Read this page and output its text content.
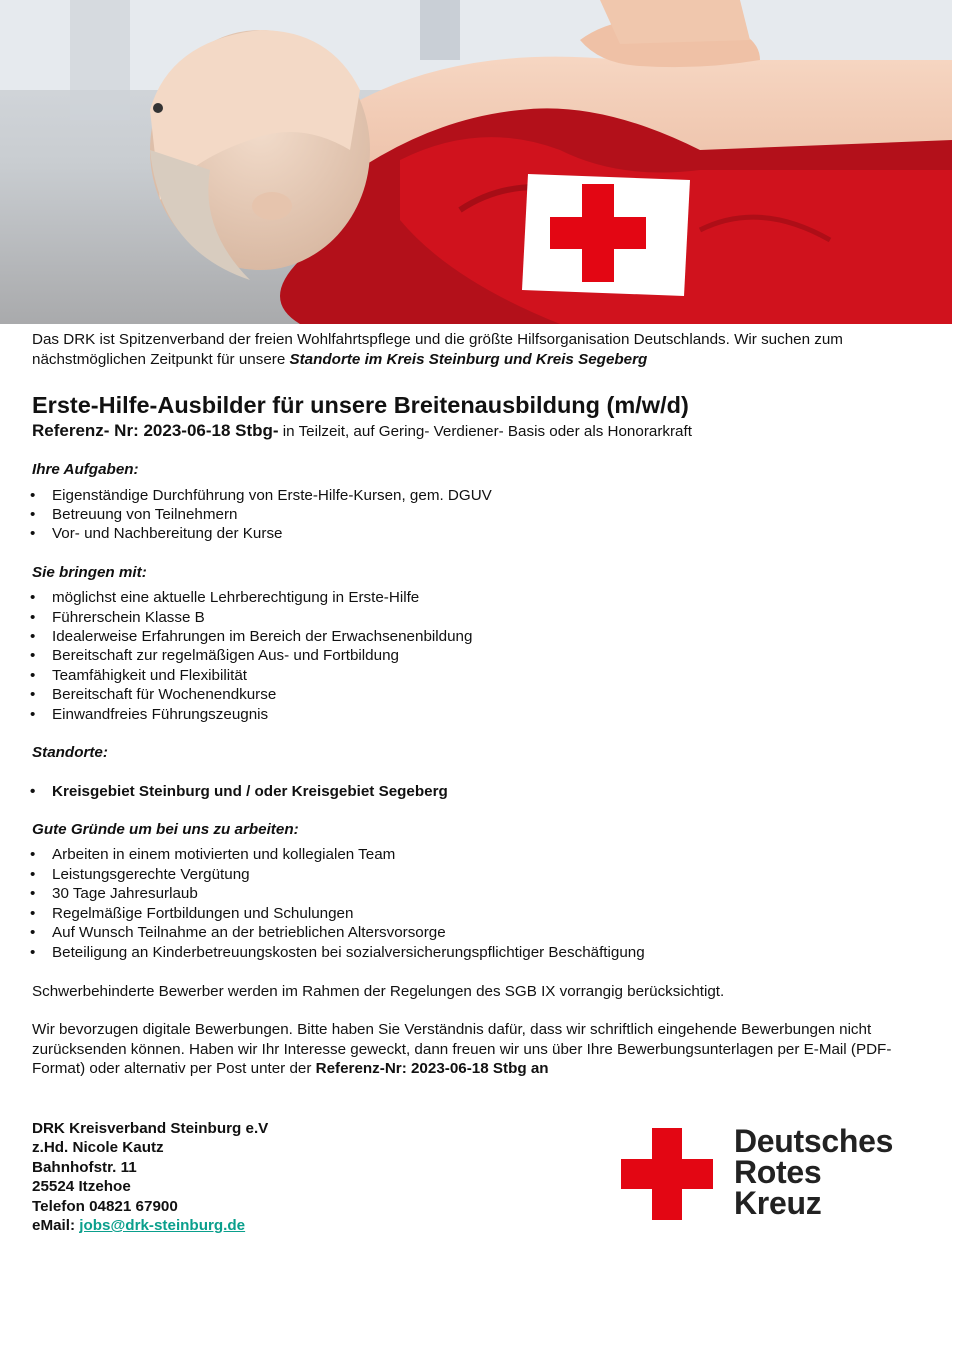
Das DRK ist Spitzenverband der freien Wohlfahrtspflege und die größte Hilfsorganisation Deutschlands. Wir suchen zum nächstmöglichen Zeitpunkt für unsere Standorte im Kreis Steinburg und Kreis Segeberg

Erste-Hilfe-Ausbilder für unsere Breitenausbildung (m/w/d)
Referenz- Nr: 2023-06-18 Stbg- in Teilzeit, auf Gering- Verdiener- Basis oder als Honorarkraft
Ihre Aufgaben:
• Eigenständige Durchführung von Erste-Hilfe-Kursen, gem. DGUV
• Betreuung von Teilnehmern
• Vor- und Nachbereitung der Kurse
Sie bringen mit:
• möglichst eine aktuelle Lehrberechtigung in Erste-Hilfe
• Führerschein Klasse B
• Idealerweise Erfahrungen im Bereich der Erwachsenenbildung
• Bereitschaft zur regelmäßigen Aus- und Fortbildung
• Teamfähigkeit und Flexibilität
• Bereitschaft für Wochenendkurse
• Einwandfreies Führungszeugnis
Standorte:
• Kreisgebiet Steinburg und / oder Kreisgebiet Segeberg
Gute Gründe um bei uns zu arbeiten:
• Arbeiten in einem motivierten und kollegialen Team
• Leistungsgerechte Vergütung
• 30 Tage Jahresurlaub
• Regelmäßige Fortbildungen und Schulungen
• Auf Wunsch Teilnahme an der betrieblichen Altersvorsorge
• Beteiligung an Kinderbetreuungskosten bei sozialversicherungspflichtiger Beschäftigung

Schwerbehinderte Bewerber werden im Rahmen der Regelungen des SGB IX vorrangig berücksichtigt.

Wir bevorzugen digitale Bewerbungen. Bitte haben Sie Verständnis dafür, dass wir schriftlich eingehende Bewerbungen nicht zurücksenden können. Haben wir Ihr Interesse geweckt, dann freuen wir uns über Ihre Bewerbungsunterlagen per E-Mail (PDF-Format) oder alternativ per Post unter der Referenz-Nr: 2023-06-18 Stbg an

DRK Kreisverband Steinburg e.V
z.Hd. Nicole Kautz
Bahnhofstr. 11
25524 Itzehoe
Telefon 04821 67900
eMail: jobs@drk-steinburg.de
Deutsches
Rotes
Kreuz
